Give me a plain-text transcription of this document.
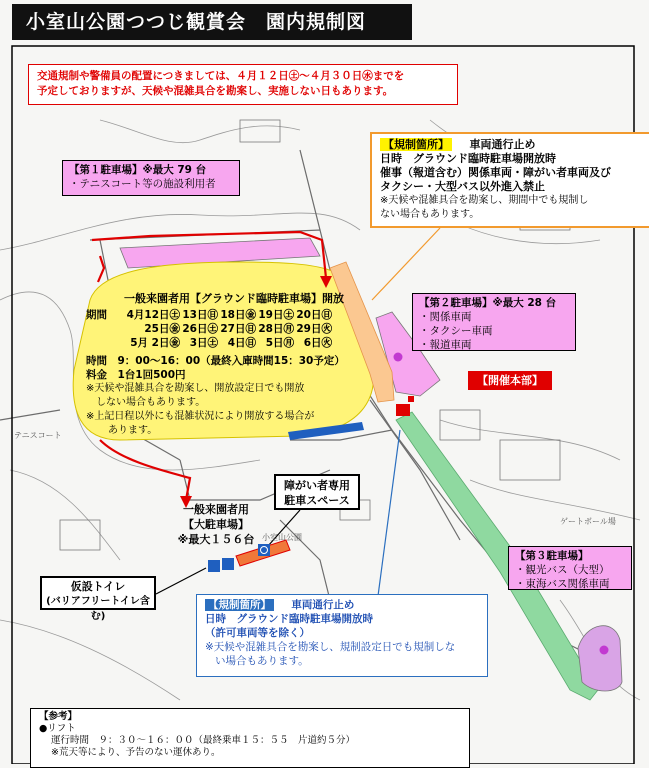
小室山公園つつじ観賞会　園内規制図
交通規制や警備員の配置につきましては、４月１２日㊏～４月３０日㊌までを
予定しておりますが、天候や混雑具合を勘案し、実施しない日もあります。
【規制箇所】 車両通行止め
日時　グラウンド臨時駐車場開放時
催事（報道含む）関係車両・障がい者車両及び
タクシー・大型バス以外進入禁止
※天候や混雑具合を勘案し、期間中でも規制し
ない場合もあります。
【第１駐車場】※最大 79 台
・テニスコート等の施設利用者
【第２駐車場】※最大 28 台
・関係車両
・タクシー車両
・報道車両
【開催本部】
一般来園者用【グラウンド臨時駐車場】開放
期間	4月12日㊏ 13日㊐ 18日㊎ 19日㊏ 20日㊐
25日㊎ 26日㊏ 27日㊐ 28日㊊ 29日㊋
5月 2日㊎ 3日㊏ 4日㊐ 5日㊊ 6日㊋
時間　9：00～16：00（最終入庫時間15：30予定）
料金　1台1回500円
※天候や混雑具合を勘案し、開放設定日でも開放
しない場合もあります。
※上記日程以外にも混雑状況により開放する場合が
あります。
障がい者専用
駐車スペース
一般来園者用
【大駐車場】
※最大１５６台
仮設トイレ
(バリアフリートイレ含む)
【第３駐車場】
・観光バス（大型）
・東海バス関係車両
【規制箇所】 車両通行止め
日時　グラウンド臨時駐車場開放時
（許可車両等を除く）
※天候や混雑具合を勘案し、規制設定日でも規制しな
い場合もあります。
【参考】
●リフト
運行時間　９：３０～１６：００（最終乗車１５：５５　片道約５分）
※荒天等により、予告のない運休あり。
テニスコート
小室山公園
ゲートボール場
